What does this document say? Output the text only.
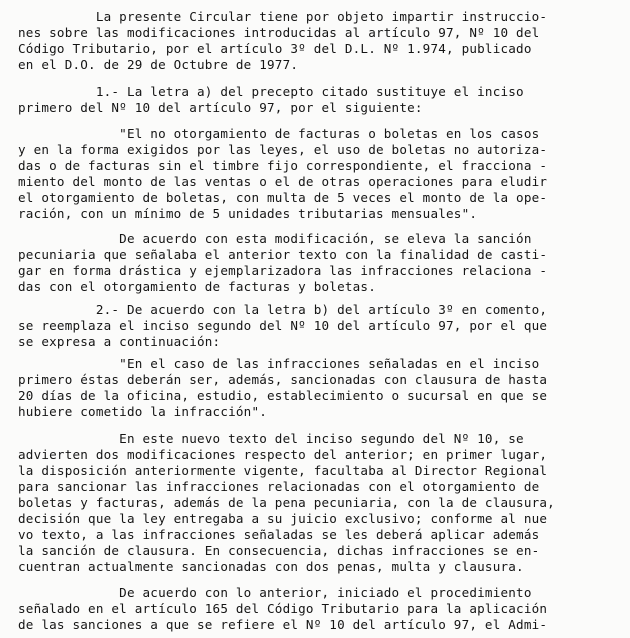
La presente Circular tiene por objeto impartir instruccio-
nes sobre las modificaciones introducidas al artículo 97, Nº 10 del
Código Tributario, por el artículo 3º del D.L. Nº 1.974, publicado
en el D.O. de 29 de Octubre de 1977.
1.- La letra a) del precepto citado sustituye el inciso
primero del Nº 10 del artículo 97, por el siguiente:
"El no otorgamiento de facturas o boletas en los casos
y en la forma exigidos por las leyes, el uso de boletas no autoriza-
das o de facturas sin el timbre fijo correspondiente, el fracciona -
miento del monto de las ventas o el de otras operaciones para eludir
el otorgamiento de boletas, con multa de 5 veces el monto de la ope-
ración, con un mínimo de 5 unidades tributarias mensuales".
De acuerdo con esta modificación, se eleva la sanción
pecuniaria que señalaba el anterior texto con la finalidad de casti-
gar en forma drástica y ejemplarizadora las infracciones relaciona -
das con el otorgamiento de facturas y boletas.
2.- De acuerdo con la letra b) del artículo 3º en comento,
se reemplaza el inciso segundo del Nº 10 del artículo 97, por el que
se expresa a continuación:
"En el caso de las infracciones señaladas en el inciso
primero éstas deberán ser, además, sancionadas con clausura de hasta
20 días de la oficina, estudio, establecimiento o sucursal en que se
hubiere cometido la infracción".
En este nuevo texto del inciso segundo del Nº 10, se
advierten dos modificaciones respecto del anterior; en primer lugar,
la disposición anteriormente vigente, facultaba al Director Regional
para sancionar las infracciones relacionadas con el otorgamiento de
boletas y facturas, además de la pena pecuniaria, con la de clausura,
decisión que la ley entregaba a su juicio exclusivo; conforme al nue
vo texto, a las infracciones señaladas se les deberá aplicar además
la sanción de clausura. En consecuencia, dichas infracciones se en-
cuentran actualmente sancionadas con dos penas, multa y clausura.
De acuerdo con lo anterior, iniciado el procedimiento
señalado en el artículo 165 del Código Tributario para la aplicación
de las sanciones a que se refiere el Nº 10 del artículo 97, el Admi-
